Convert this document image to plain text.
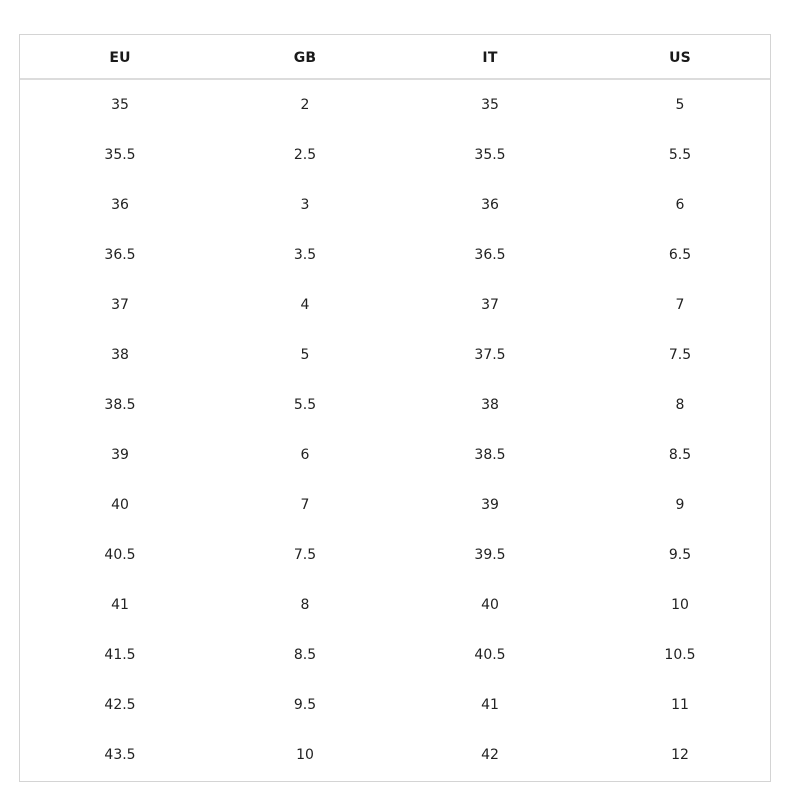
EU	GB	IT	US
35	2	35	5
35.5	2.5	35.5	5.5
36	3	36	6
36.5	3.5	36.5	6.5
37	4	37	7
38	5	37.5	7.5
38.5	5.5	38	8
39	6	38.5	8.5
40	7	39	9
40.5	7.5	39.5	9.5
41	8	40	10
41.5	8.5	40.5	10.5
42.5	9.5	41	11
43.5	10	42	12
